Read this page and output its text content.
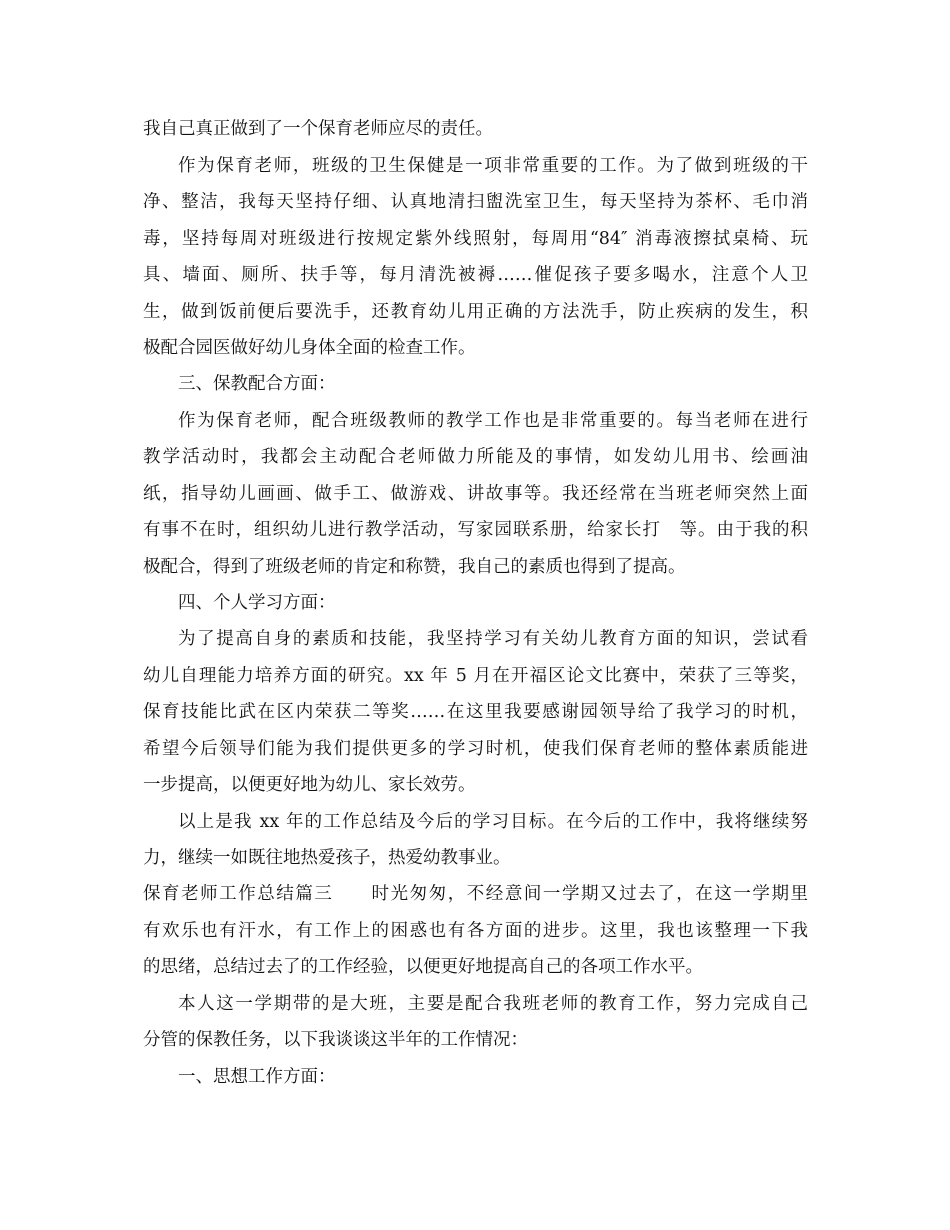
我自己真正做到了一个保育老师应尽的责任。
作为保育老师，班级的卫生保健是一项非常重要的工作。为了做到班级的干
净、整洁，我每天坚持仔细、认真地清扫盥洗室卫生，每天坚持为茶杯、毛巾消
毒，坚持每周对班级进行按规定紫外线照射，每周用“84″ 消毒液擦拭桌椅、玩
具、墙面、厕所、扶手等，每月清洗被褥……催促孩子要多喝水，注意个人卫
生，做到饭前便后要洗手，还教育幼儿用正确的方法洗手，防止疾病的发生，积
极配合园医做好幼儿身体全面的检查工作。
三、保教配合方面：
作为保育老师，配合班级教师的教学工作也是非常重要的。每当老师在进行
教学活动时，我都会主动配合老师做力所能及的事情，如发幼儿用书、绘画油
纸，指导幼儿画画、做手工、做游戏、讲故事等。我还经常在当班老师突然上面
有事不在时，组织幼儿进行教学活动，写家园联系册，给家长打　等。由于我的积
极配合，得到了班级老师的肯定和称赞，我自己的素质也得到了提高。
四、个人学习方面：
为了提高自身的素质和技能，我坚持学习有关幼儿教育方面的知识，尝试看
幼儿自理能力培养方面的研究。xx 年 5 月在开福区论文比赛中，荣获了三等奖，
保育技能比武在区内荣获二等奖……在这里我要感谢园领导给了我学习的时机，
希望今后领导们能为我们提供更多的学习时机，使我们保育老师的整体素质能进
一步提高，以便更好地为幼儿、家长效劳。
以上是我 xx 年的工作总结及今后的学习目标。在今后的工作中，我将继续努
力，继续一如既往地热爱孩子，热爱幼教事业。
保育老师工作总结篇三　　时光匆匆，不经意间一学期又过去了，在这一学期里
有欢乐也有汗水，有工作上的困惑也有各方面的进步。这里，我也该整理一下我
的思绪，总结过去了的工作经验，以便更好地提高自己的各项工作水平。
本人这一学期带的是大班，主要是配合我班老师的教育工作，努力完成自己
分管的保教任务，以下我谈谈这半年的工作情况：
一、思想工作方面：
